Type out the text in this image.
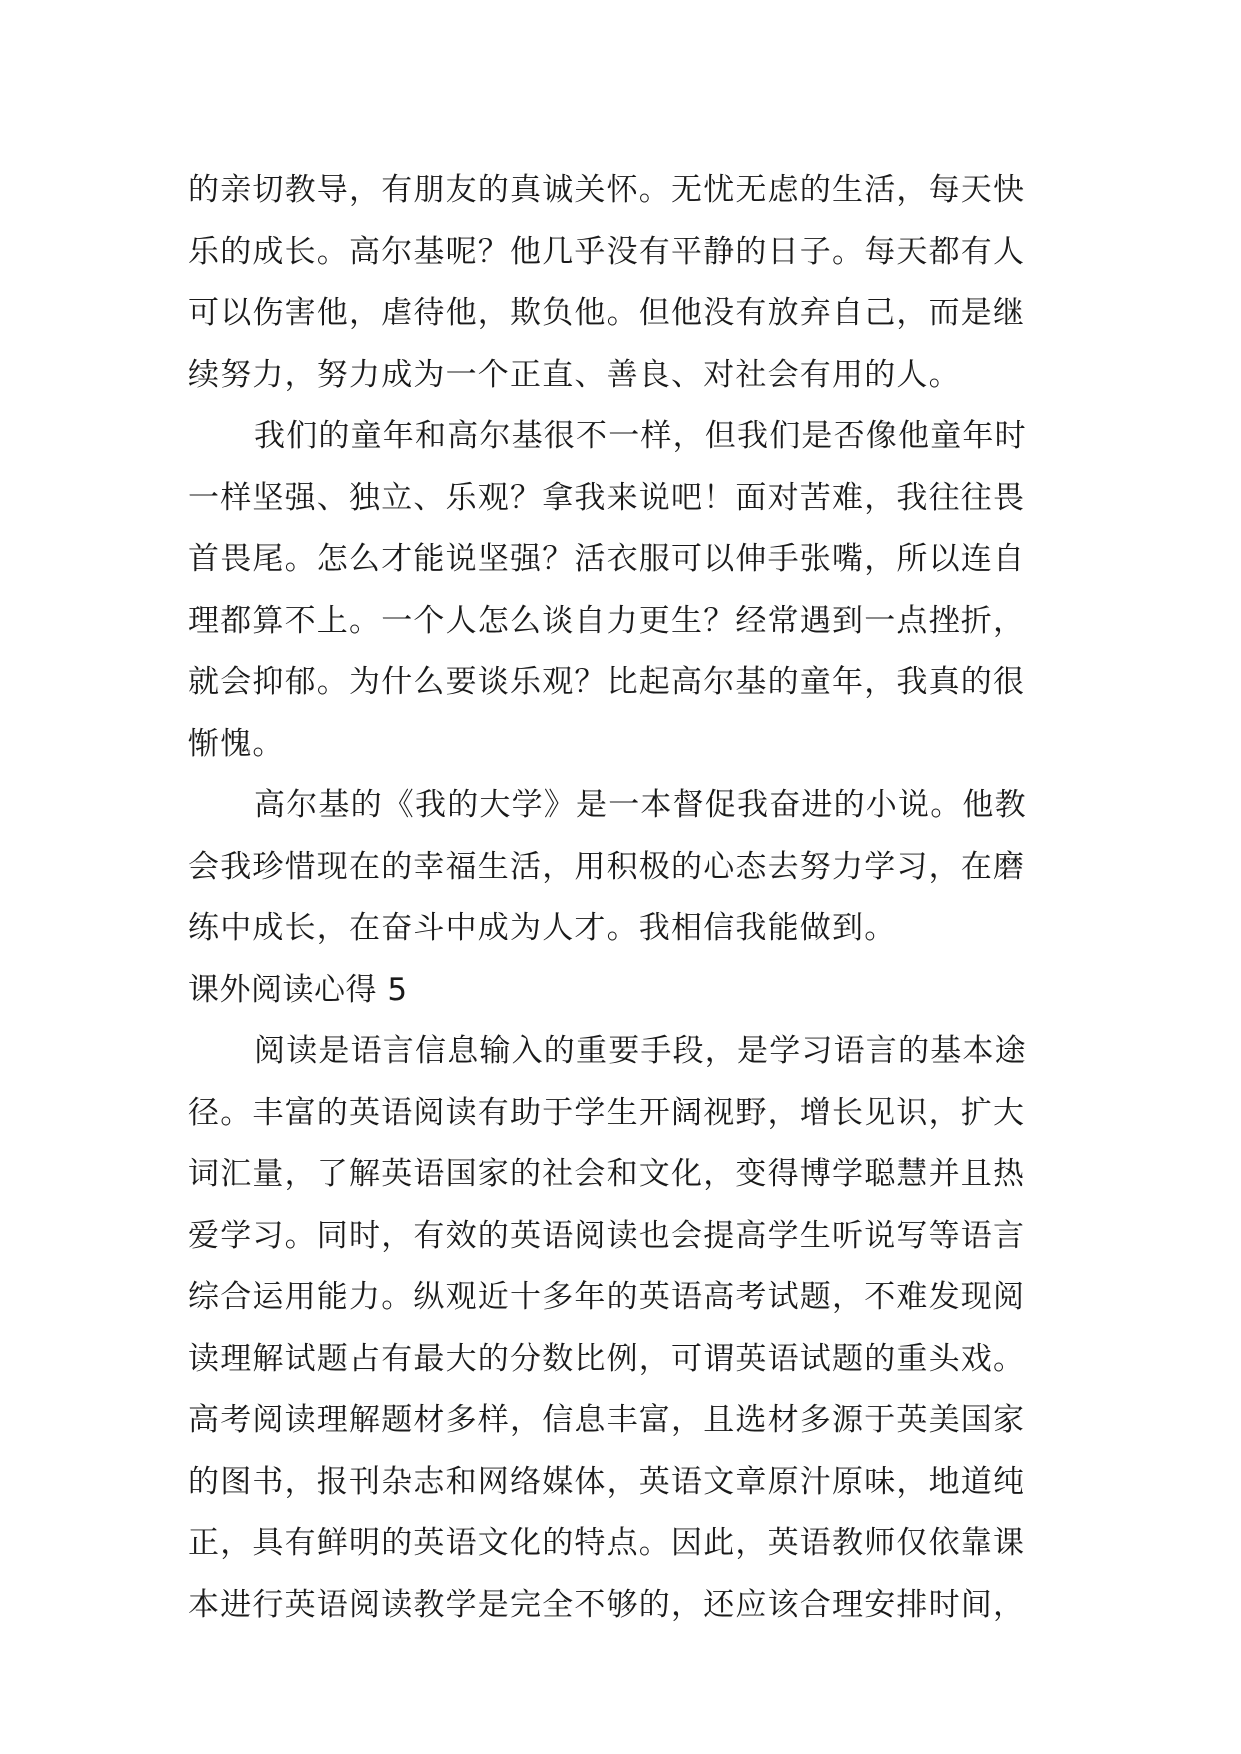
的亲切教导，有朋友的真诚关怀。无忧无虑的生活，每天快
乐的成长。高尔基呢？他几乎没有平静的日子。每天都有人
可以伤害他，虐待他，欺负他。但他没有放弃自己，而是继
续努力，努力成为一个正直、善良、对社会有用的人。
我们的童年和高尔基很不一样，但我们是否像他童年时
一样坚强、独立、乐观？拿我来说吧！面对苦难，我往往畏
首畏尾。怎么才能说坚强？活衣服可以伸手张嘴，所以连自
理都算不上。一个人怎么谈自力更生？经常遇到一点挫折，
就会抑郁。为什么要谈乐观？比起高尔基的童年，我真的很
惭愧。
高尔基的《我的大学》是一本督促我奋进的小说。他教
会我珍惜现在的幸福生活，用积极的心态去努力学习，在磨
练中成长，在奋斗中成为人才。我相信我能做到。
课外阅读心得 5
阅读是语言信息输入的重要手段，是学习语言的基本途
径。丰富的英语阅读有助于学生开阔视野，增长见识，扩大
词汇量，了解英语国家的社会和文化，变得博学聪慧并且热
爱学习。同时，有效的英语阅读也会提高学生听说写等语言
综合运用能力。纵观近十多年的英语高考试题，不难发现阅
读理解试题占有最大的分数比例，可谓英语试题的重头戏。
高考阅读理解题材多样，信息丰富，且选材多源于英美国家
的图书，报刊杂志和网络媒体，英语文章原汁原味，地道纯
正，具有鲜明的英语文化的特点。因此，英语教师仅依靠课
本进行英语阅读教学是完全不够的，还应该合理安排时间，
